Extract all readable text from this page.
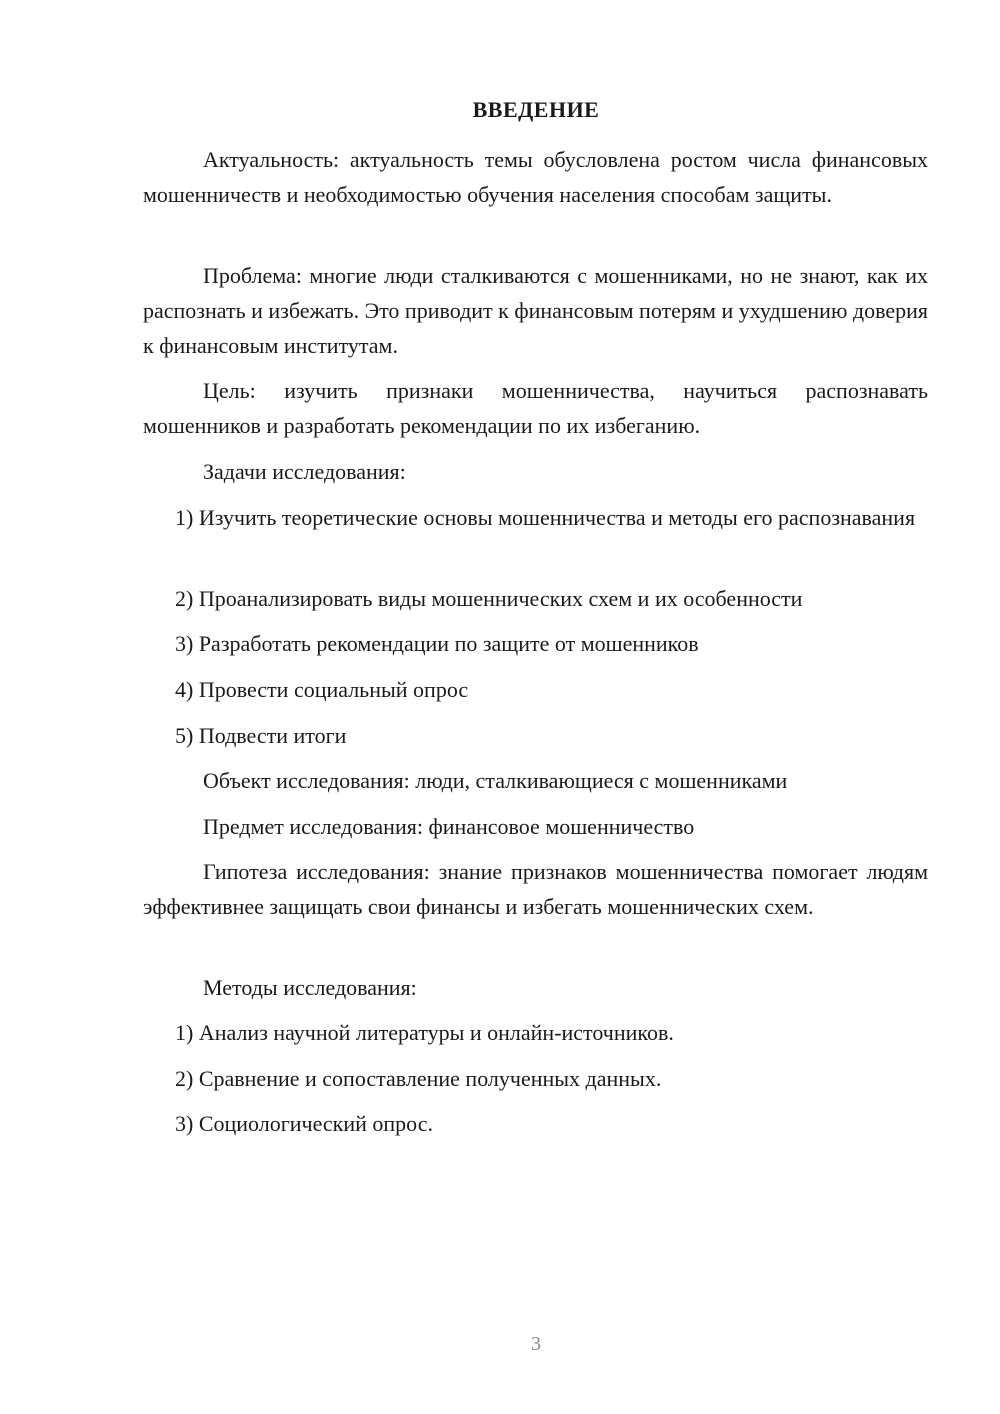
ВВЕДЕНИЕ

Актуальность: актуальность темы обусловлена ростом числа финансовых мошенничеств и необходимостью обучения населения способам защиты.

Проблема: многие люди сталкиваются с мошенниками, но не знают, как их распознать и избежать. Это приводит к финансовым потерям и ухудшению доверия к финансовым институтам.

Цель: изучить признаки мошенничества, научиться распознавать мошенников и разработать рекомендации по их избеганию.

Задачи исследования:

1) Изучить теоретические основы мошенничества и методы его распознавания

2) Проанализировать виды мошеннических схем и их особенности

3) Разработать рекомендации по защите от мошенников

4) Провести социальный опрос

5) Подвести итоги

Объект исследования: люди, сталкивающиеся с мошенниками

Предмет исследования: финансовое мошенничество

Гипотеза исследования: знание признаков мошенничества помогает людям эффективнее защищать свои финансы и избегать мошеннических схем.

Методы исследования:

1) Анализ научной литературы и онлайн-источников.

2) Сравнение и сопоставление полученных данных.

3) Социологический опрос.

3
